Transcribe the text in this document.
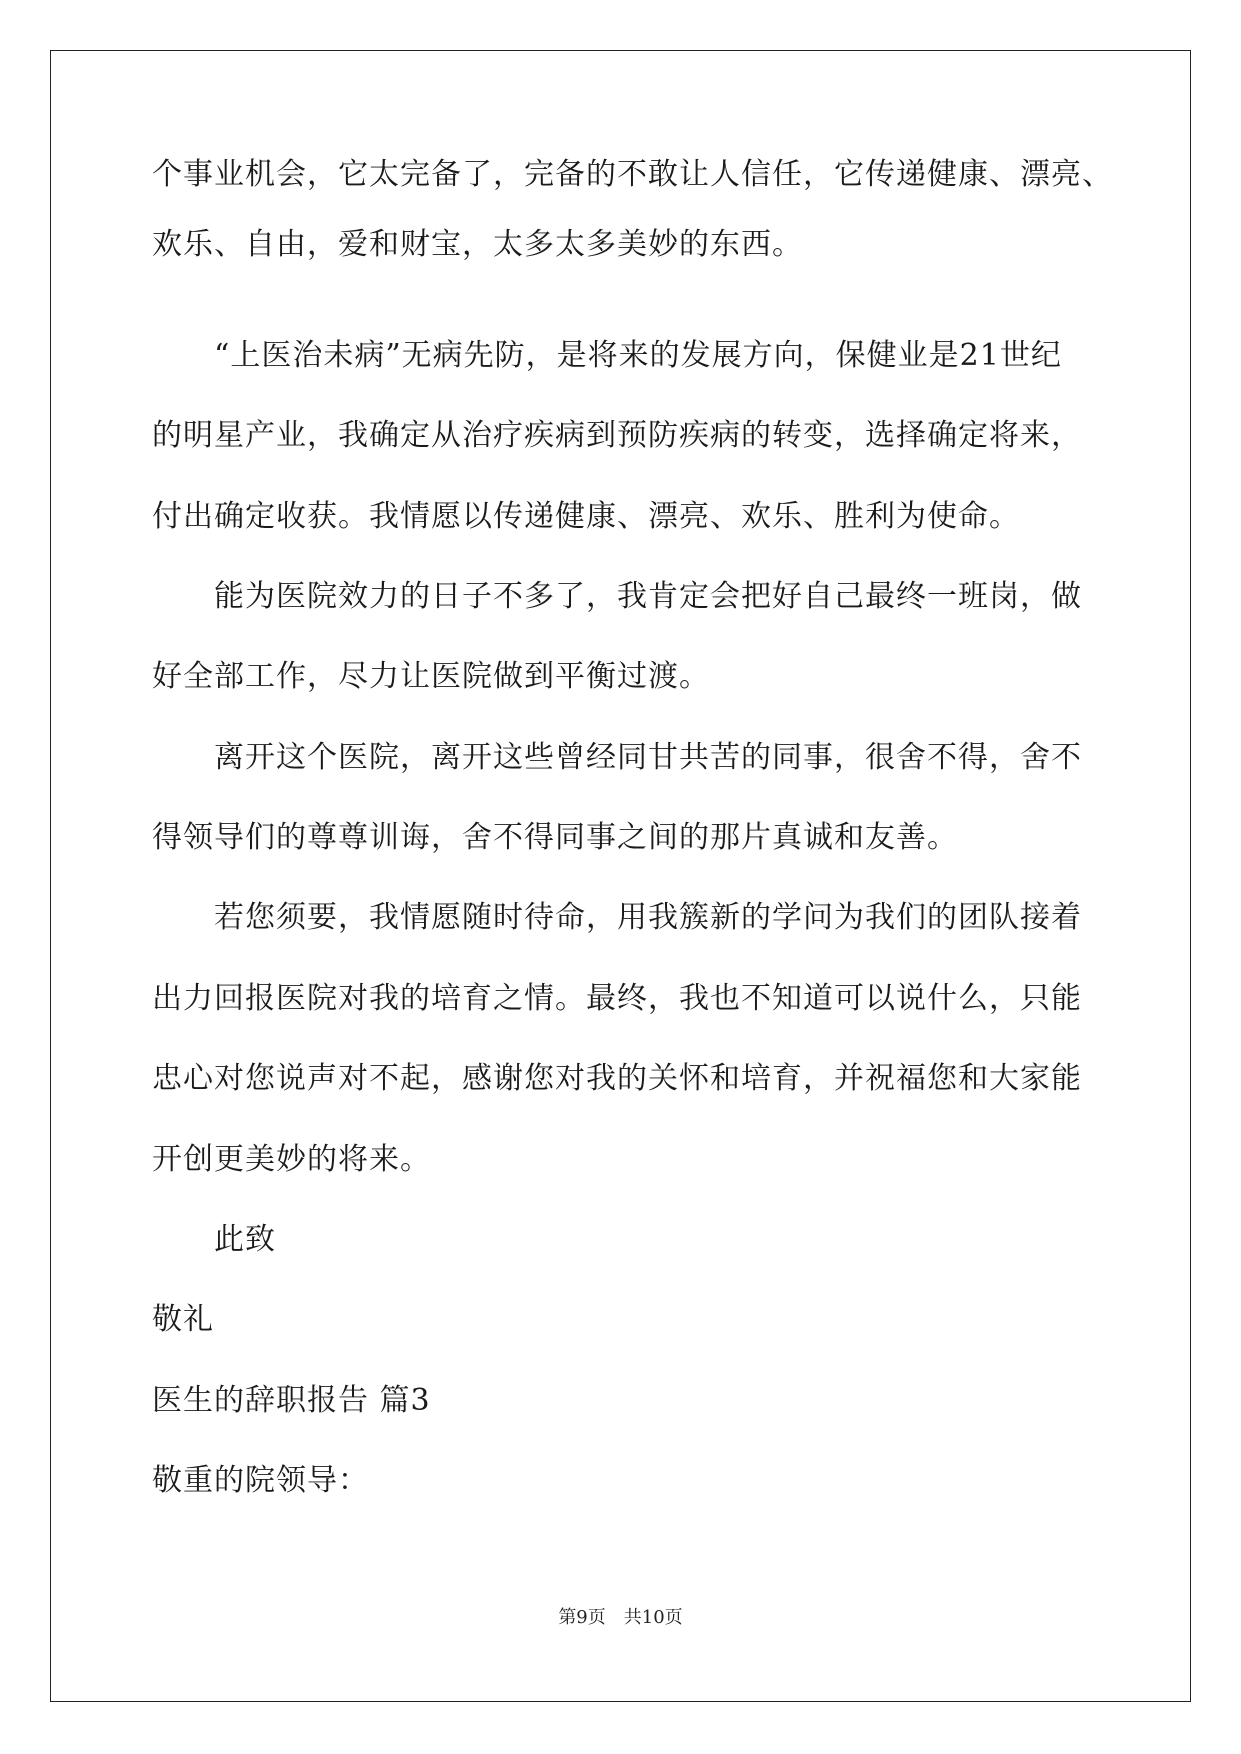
个事业机会，它太完备了，完备的不敢让人信任，它传递健康、漂亮、
欢乐、自由，爱和财宝，太多太多美妙的东西。
“上医治未病”无病先防，是将来的发展方向，保健业是21世纪
的明星产业，我确定从治疗疾病到预防疾病的转变，选择确定将来，
付出确定收获。我情愿以传递健康、漂亮、欢乐、胜利为使命。
能为医院效力的日子不多了，我肯定会把好自己最终一班岗，做
好全部工作，尽力让医院做到平衡过渡。
离开这个医院，离开这些曾经同甘共苦的同事，很舍不得，舍不
得领导们的尊尊训诲，舍不得同事之间的那片真诚和友善。
若您须要，我情愿随时待命，用我簇新的学问为我们的团队接着
出力回报医院对我的培育之情。最终，我也不知道可以说什么，只能
忠心对您说声对不起，感谢您对我的关怀和培育，并祝福您和大家能
开创更美妙的将来。
此致
敬礼
医生的辞职报告 篇3
敬重的院领导：
第9页 共10页
